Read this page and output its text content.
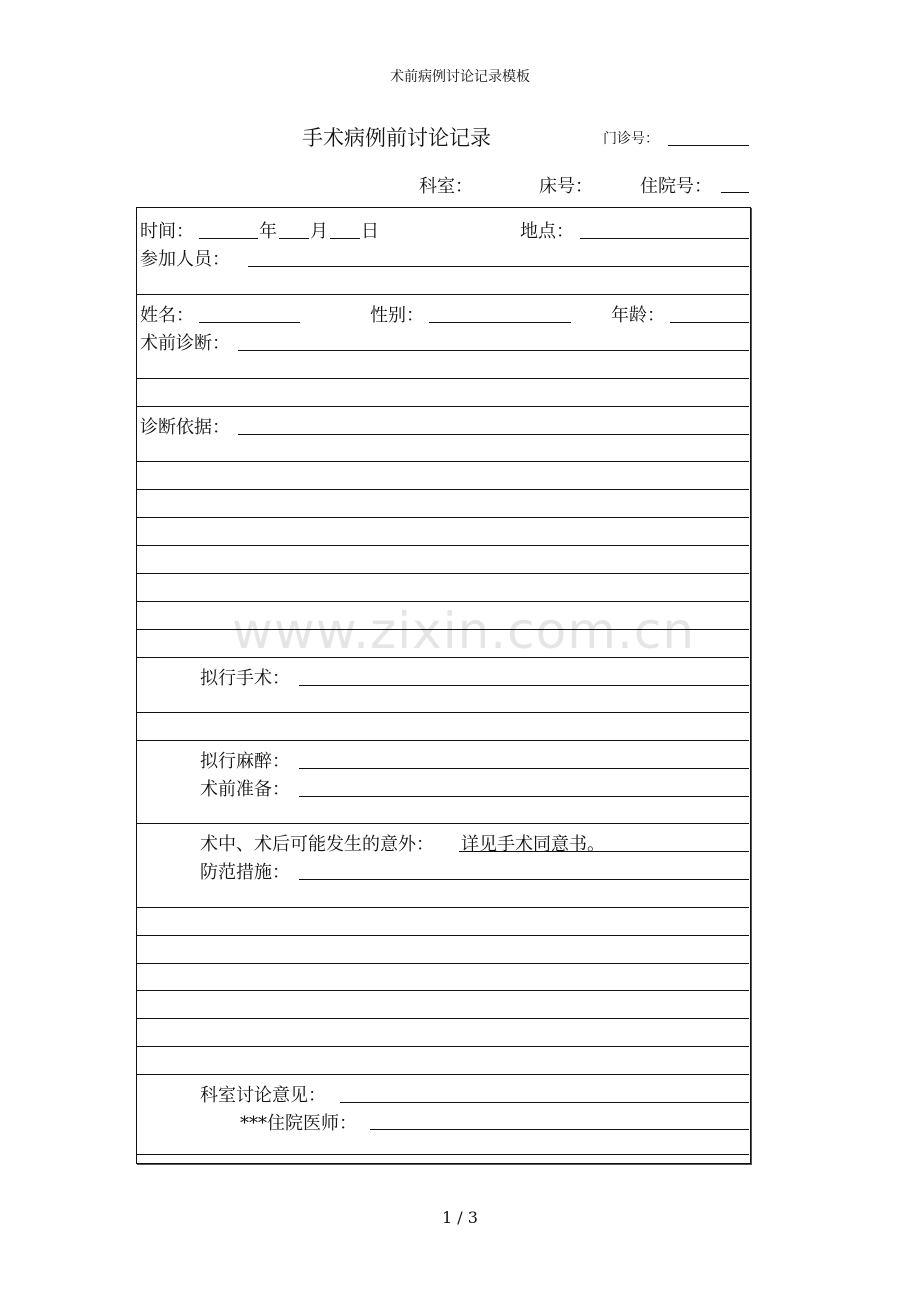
术前病例讨论记录模板
手术病例前讨论记录	门诊号：
科室：	床号：	住院号：
时间：	年 月 日	地点：
参加人员：
姓名：	性别：	年龄：
术前诊断：
诊断依据：
www.zixin.com.cn
拟行手术：
拟行麻醉：
术前准备：
术中、术后可能发生的意外： 详见手术同意书。
防范措施：
科室讨论意见：
***住院医师：
1 / 3
